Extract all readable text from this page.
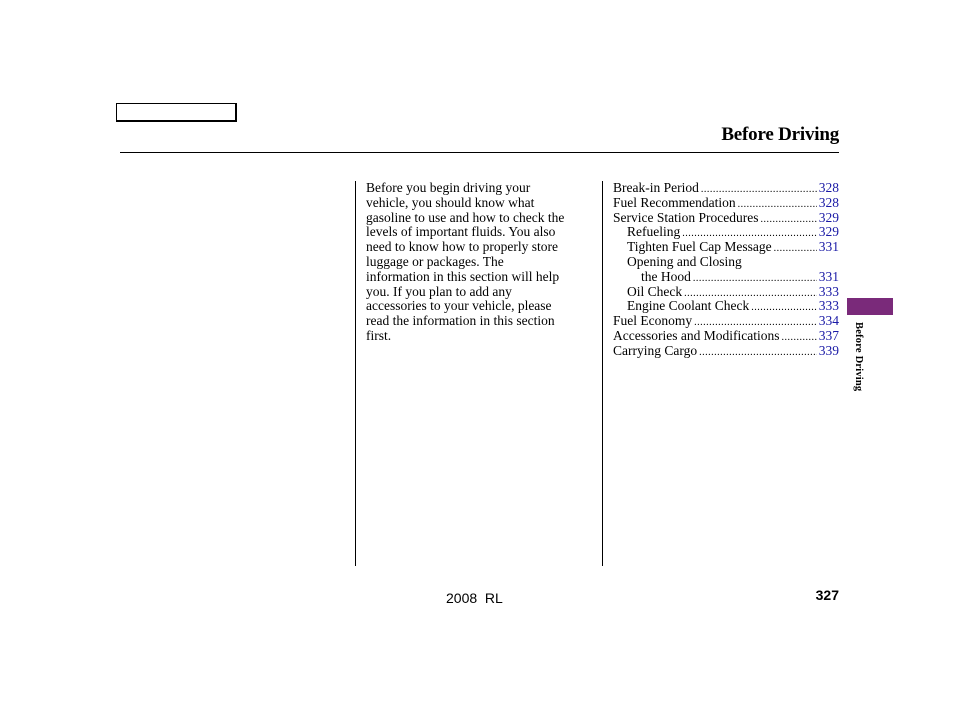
Before Driving
Before you begin driving your
vehicle, you should know what
gasoline to use and how to check the
levels of important fluids. You also
need to know how to properly store
luggage or packages. The
information in this section will help
you. If you plan to add any
accessories to your vehicle, please
read the information in this section
first.
Break-in Period .....	328
Fuel Recommendation .....	328
Service Station Procedures .....	329
Refueling .....	329
Tighten Fuel Cap Message .....	331
Opening and Closing
the Hood .....	331
Oil Check .....	333
Engine Coolant Check .....	333
Fuel Economy .....	334
Accessories and Modifications .....	337
Carrying Cargo .....	339	Before Driving
2008  RL	327
